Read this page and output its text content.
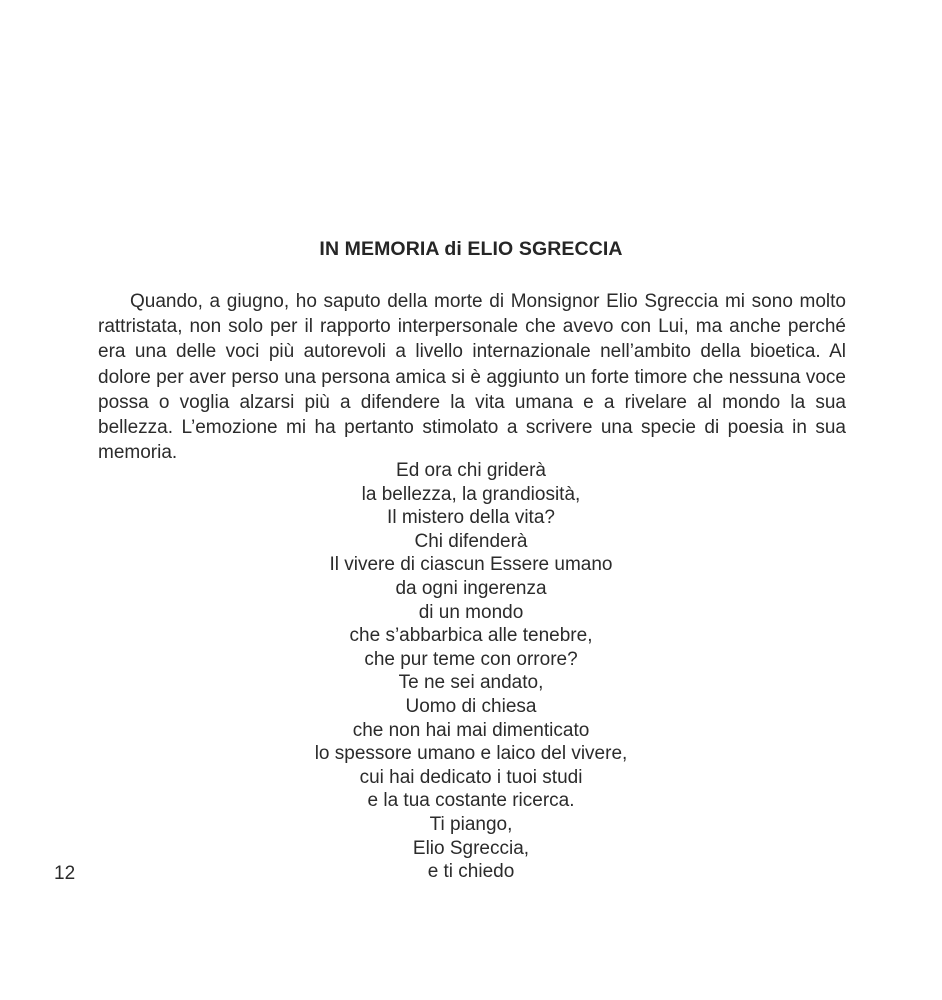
IN MEMORIA di ELIO SGRECCIA

Quando, a giugno, ho saputo della morte di Monsignor Elio Sgreccia mi sono molto rattristata, non solo per il rapporto interpersonale che avevo con Lui, ma anche perché era una delle voci più autorevoli a livello internazionale nell’ambito della bioetica. Al dolore per aver perso una persona amica si è aggiunto un forte timore che nessuna voce possa o voglia alzarsi più a difendere la vita umana e a rivelare al mondo la sua bellezza. L’emozione mi ha pertanto stimolato a scrivere una specie di poesia in sua memoria.

Ed ora chi griderà
la bellezza, la grandiosità,
Il mistero della vita?
Chi difenderà
Il vivere di ciascun Essere umano
da ogni ingerenza
di un mondo
che s’abbarbica alle tenebre,
che pur teme con orrore?
Te ne sei andato,
Uomo di chiesa
che non hai mai dimenticato
lo spessore umano e laico del vivere,
cui hai dedicato i tuoi studi
e la tua costante ricerca.
Ti piango,
Elio Sgreccia,
e ti chiedo
12
